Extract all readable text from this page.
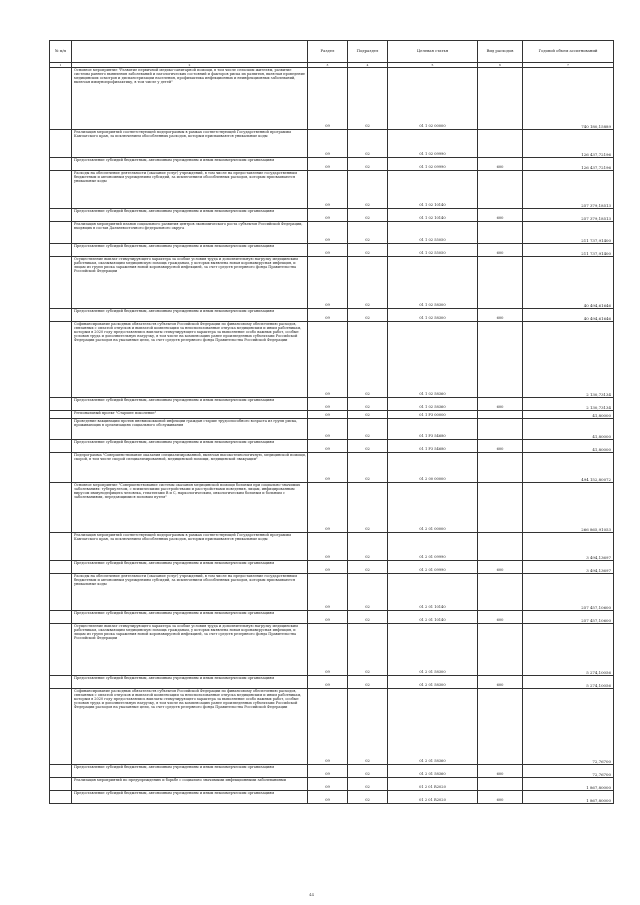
№ п/п		Раздел	Подраздел	Целевая статья	Вид расходов	Годовой объем ассигнований
1	2	3	4	5	6	7
	Основное мероприятие "Развитие первичной медико-санитарной помощи, в том числе сельским жителям, развитие системы раннего выявления заболеваний и патологических состояний и факторов риска их развития, включая проведение медицинских осмотров и диспансеризации населения, профилактика инфекционных и неинфекционных заболеваний, включая иммунопрофилактику, в том числе у детей"	09	02	01 1 02 00000		740 180,15889
	Реализация мероприятий соответствующей подпрограммы в рамках соответствующей Государственной программы Камчатского края, за исключением обособленных расходов, которым присваиваются уникальные коды	09	02	01 1 02 09990		126 437,72196
	Предоставление субсидий бюджетным, автономным учреждениям и иным некоммерческим организациям	09	02	01 1 02 09990	600	126 437,72196
	Расходы на обеспечение деятельности (оказание услуг) учреждений, в том числе на предоставление государственным бюджетным и автономным учреждениям субсидий, за исключением обособленных расходов, которым присваиваются уникальные коды	09	02	01 1 02 10140		257 379,18513
	Предоставление субсидий бюджетным, автономным учреждениям и иным некоммерческим организациям	09	02	01 1 02 10140	600	257 379,18513
	Реализация мероприятий планов социального развития центров экономического роста субъектов Российской Федерации, входящих в состав Дальневосточного федерального округа	09	02	01 1 02 55050		211 737,91400
	Предоставление субсидий бюджетным, автономным учреждениям и иным некоммерческим организациям	09	02	01 1 02 55050	600	211 737,91400
	Осуществление выплат стимулирующего характера за особые условия труда и дополнительную нагрузку медицинским работникам, оказывающим медицинскую помощь гражданам, у которых выявлена новая коронавирусная инфекция, и лицам из групп риска заражения новой коронавирусной инфекцией, за счет средств резервного фонда Правительства Российской Федерации	09	02	01 1 02 58300		40 494,61646
	Предоставление субсидий бюджетным, автономным учреждениям и иным некоммерческим организациям	09	02	01 1 02 58300	600	40 494,61646
	Софинансирование расходных обязательств субъектов Российской Федерации по финансовому обеспечению расходов, связанных с оплатой отпусков и выплатой компенсации за неиспользованные отпуска медицинским и иным работникам, которым в 2020 году предоставлялись выплаты стимулирующего характера за выполнение особо важных работ, особые условия труда и дополнительную нагрузку, в том числе на компенсацию ранее произведенных субъектами Российской Федерации расходов на указанные цели, за счет средств резервного фонда Правительства Российской Федерации	09	02	01 1 02 58360		2 130,73134
	Предоставление субсидий бюджетным, автономным учреждениям и иным некоммерческим организациям	09	02	01 1 02 58360	600	2 130,73134
	Региональный проект "Старшее поколение"	09	02	01 1 P3 00000		41,80000
	Проведение вакцинации против пневмококковой инфекции граждан старше трудоспособного возраста из групп риска, проживающих в организациях социального обслуживания	09	02	01 1 P3 54680		41,80000
	Предоставление субсидий бюджетным, автономным учреждениям и иным некоммерческим организациям	09	02	01 1 P3 54680	600	41,80000
	Подпрограмма "Совершенствование оказания специализированной, включая высокотехнологичную, медицинской помощи, скорой, в том числе скорой специализированной, медицинской помощи, медицинской эвакуации"	09	02	01 2 00 00000		494 152,80072
	Основное мероприятие "Совершенствование системы оказания медицинской помощи больным при социально-значимых заболеваниях: туберкулезом, с психическими расстройствами и расстройствами поведения, лицам, инфицированным вирусом иммунодефицита человека, гепатитами B и C, наркологическим, онкологическим больным и больным с заболеваниями, передающимися половым путем"	09	02	01 2 01 00000		266 865,91053
	Реализация мероприятий соответствующей подпрограммы в рамках соответствующей Государственной программы Камчатского края, за исключением обособленных расходов, которым присваиваются уникальные коды	09	02	01 2 01 09990		3 494,13697
	Предоставление субсидий бюджетным, автономным учреждениям и иным некоммерческим организациям	09	02	01 2 01 09990	600	3 494,13697
	Расходы на обеспечение деятельности (оказание услуг) учреждений, в том числе на предоставление государственным бюджетным и автономным учреждениям субсидий, за исключением обособленных расходов, которым присваиваются уникальные коды	09	02	01 2 01 10140		257 457,10600
	Предоставление субсидий бюджетным, автономным учреждениям и иным некоммерческим организациям	09	02	01 2 01 10140	600	257 457,10600
	Осуществление выплат стимулирующего характера за особые условия труда и дополнительную нагрузку медицинским работникам, оказывающим медицинскую помощь гражданам, у которых выявлена новая коронавирусная инфекция, и лицам из групп риска заражения новой коронавирусной инфекцией, за счет средств резервного фонда Правительства Российской Федерации	09	02	01 2 01 58300		5 274,10056
	Предоставление субсидий бюджетным, автономным учреждениям и иным некоммерческим организациям	09	02	01 2 01 58300	600	5 274,10056
	Софинансирование расходных обязательств субъектов Российской Федерации по финансовому обеспечению расходов, связанных с оплатой отпусков и выплатой компенсации за неиспользованные отпуска медицинским и иным работникам, которым в 2020 году предоставлялись выплаты стимулирующего характера за выполнение особо важных работ, особые условия труда и дополнительную нагрузку, в том числе на компенсацию ранее произведенных субъектами Российской Федерации расходов на указанные цели, за счет средств резервного фонда Правительства Российской Федерации	09	02	01 2 01 58360		72,76700
	Предоставление субсидий бюджетным, автономным учреждениям и иным некоммерческим организациям	09	02	01 2 01 58360	600	72,76700
	Реализация мероприятий по предупреждению и борьбе с социально значимыми инфекционными заболеваниями	09	02	01 2 01 R2020		1 867,80000
	Предоставление субсидий бюджетным, автономным учреждениям и иным некоммерческим организациям	09	02	01 2 01 R2020	600	1 867,80000
44
